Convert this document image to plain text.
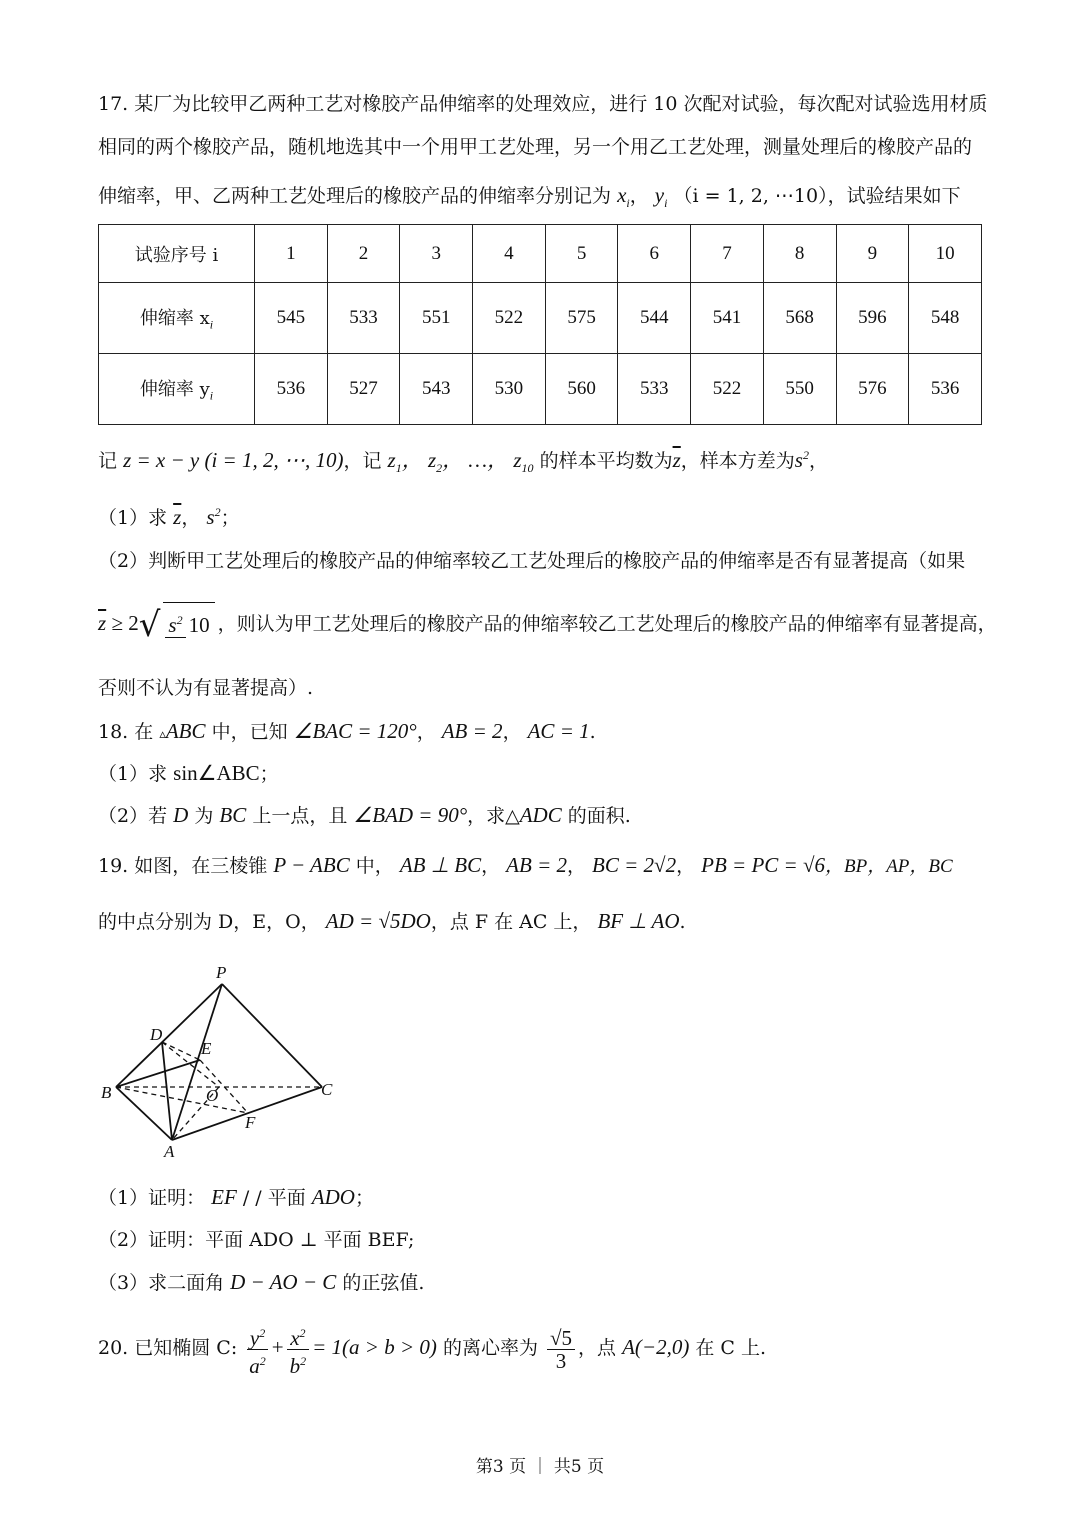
17. 某厂为比较甲乙两种工艺对橡胶产品伸缩率的处理效应，进行 10 次配对试验，每次配对试验选用材质
相同的两个橡胶产品，随机地选其中一个用甲工艺处理，另一个用乙工艺处理，测量处理后的橡胶产品的
伸缩率，甲、乙两种工艺处理后的橡胶产品的伸缩率分别记为 $x_i$， $y_i$ （i = 1, 2, ⋯10），试验结果如下
试验序号 i	1	2	3	4	5	6	7	8	9	10
伸缩率 $x_i$	545	533	551	522	575	544	541	568	596	548
伸缩率 $y_i$	536	527	543	530	560	533	522	550	576	536
记 z = x − y (i = 1, 2, ⋯, 10)，记 $z_1$， $z_2$， …， $z_{10}$ 的样本平均数为$\overline{z}$，样本方差为$s^2$，
（1）求 $\overline{z}$， $s^2$；
（2）判断甲工艺处理后的橡胶产品的伸缩率较乙工艺处理后的橡胶产品的伸缩率是否有显著提高（如果
$\overline{z} \ge 2√$ $s^2$ 10 ，则认为甲工艺处理后的橡胶产品的伸缩率较乙工艺处理后的橡胶产品的伸缩率有显著提高，
否则不认为有显著提高）.
18. 在 ▵ABC 中，已知 ∠BAC = 120°， AB = 2， AC = 1.
（1）求 sin∠ABC；
（2）若 D 为 BC 上一点，且 ∠BAD = 90°，求△ADC 的面积.
19. 如图，在三棱锥 P − ABC 中， AB ⊥ BC， AB = 2， BC = 2√2， PB = PC = √6，BP，AP，BC
的中点分别为 D，E，O， AD = √5DO，点 F 在 AC 上， BF ⊥ AO.
P
D
E
B	O	C
F
A
（1）证明： EF / / 平面 ADO；
（2）证明：平面 ADO ⊥ 平面 BEF;
（3）求二面角 D − AO − C 的正弦值.
20. 已知椭圆 C: $\frac{y^2}{a^2} + \frac{x^2}{b^2} = 1(a > b > 0)$ 的离心率为 $\frac{√5}{3}$ ，点 A(−2,0) 在 C 上.
第3 页 ｜ 共5 页
